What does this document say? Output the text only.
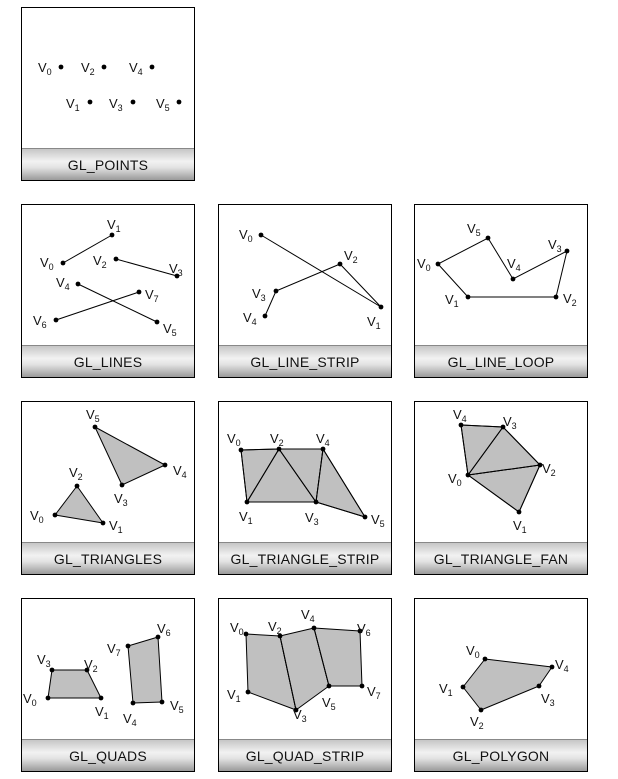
$V_0$ $V_2$	$V_4$
$V_1$ $V_3$	$V_5$
GL_POINTS
$V_0$
$V_1$
$V_2$	$V_3$
$V_4$
$V_5$
$V_6$
$V_7$
GL_LINES
$V_0$
$V_1$
$V_2$
$V_3$
$V_4$
GL_LINE_STRIP
$V_0$
$V_1$	$V_2$
$V_3$
$V_4$
$V_5$
GL_LINE_LOOP
$V_0$	$V_1$
$V_2$
$V_3$
$V_4$
$V_5$
GL_TRIANGLES
$V_0$
$V_1$
$V_2$
$V_3$
$V_4$
$V_5$
GL_TRIANGLE_STRIP
$V_0$
$V_1$
$V_2$
$V_3$
$V_4$
GL_TRIANGLE_FAN
$V_0$
$V_1$
$V_2$
$V_3$
$V_4$
$V_5$
$V_6$
$V_7$
GL_QUADS
$V_0$
$V_1$
$V_2$
$V_3$
$V_4$
$V_5$
$V_6$
$V_7$
GL_QUAD_STRIP
$V_0$
$V_1$
$V_2$
$V_3$
$V_4$
GL_POLYGON
